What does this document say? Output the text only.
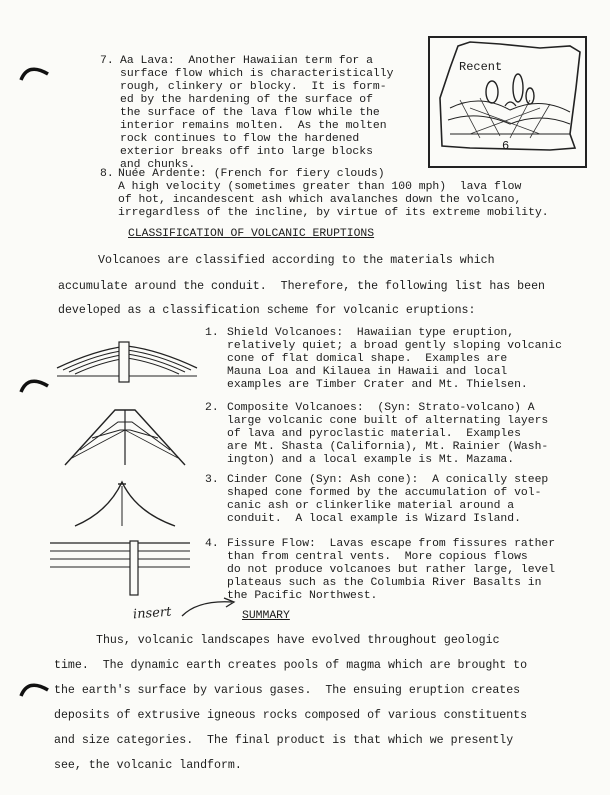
7. Aa Lava:  Another Hawaiian term for a
surface flow which is characteristically
rough, clinkery or blocky.  It is form-
ed by the hardening of the surface of
the surface of the lava flow while the
interior remains molten.  As the molten
rock continues to flow the hardened
exterior breaks off into large blocks
and chunks.
Recent
6
8. Nuée Ardente: (French for fiery clouds)
A high velocity (sometimes greater than 100 mph)  lava flow
of hot, incandescent ash which avalanches down the volcano,
irregardless of the incline, by virtue of its extreme mobility.
CLASSIFICATION OF VOLCANIC ERUPTIONS
Volcanoes are classified according to the materials which
accumulate around the conduit.  Therefore, the following list has been
developed as a classification scheme for volcanic eruptions:
1. Shield Volcanoes:  Hawaiian type eruption,
relatively quiet; a broad gently sloping volcanic
cone of flat domical shape.  Examples are
Mauna Loa and Kilauea in Hawaii and local
examples are Timber Crater and Mt. Thielsen.
2. Composite Volcanoes:  (Syn: Strato-volcano) A
large volcanic cone built of alternating layers
of lava and pyroclastic material.  Examples
are Mt. Shasta (California), Mt. Rainier (Wash-
ington) and a local example is Mt. Mazama.
3. Cinder Cone (Syn: Ash cone):  A conically steep
shaped cone formed by the accumulation of vol-
canic ash or clinkerlike material around a
conduit.  A local example is Wizard Island.
4. Fissure Flow:  Lavas escape from fissures rather
than from central vents.  More copious flows
do not produce volcanoes but rather large, level
plateaus such as the Columbia River Basalts in
the Pacific Northwest.
insert	SUMMARY
Thus, volcanic landscapes have evolved throughout geologic
time.  The dynamic earth creates pools of magma which are brought to
the earth's surface by various gases.  The ensuing eruption creates
deposits of extrusive igneous rocks composed of various constituents
and size categories.  The final product is that which we presently
see, the volcanic landform.
